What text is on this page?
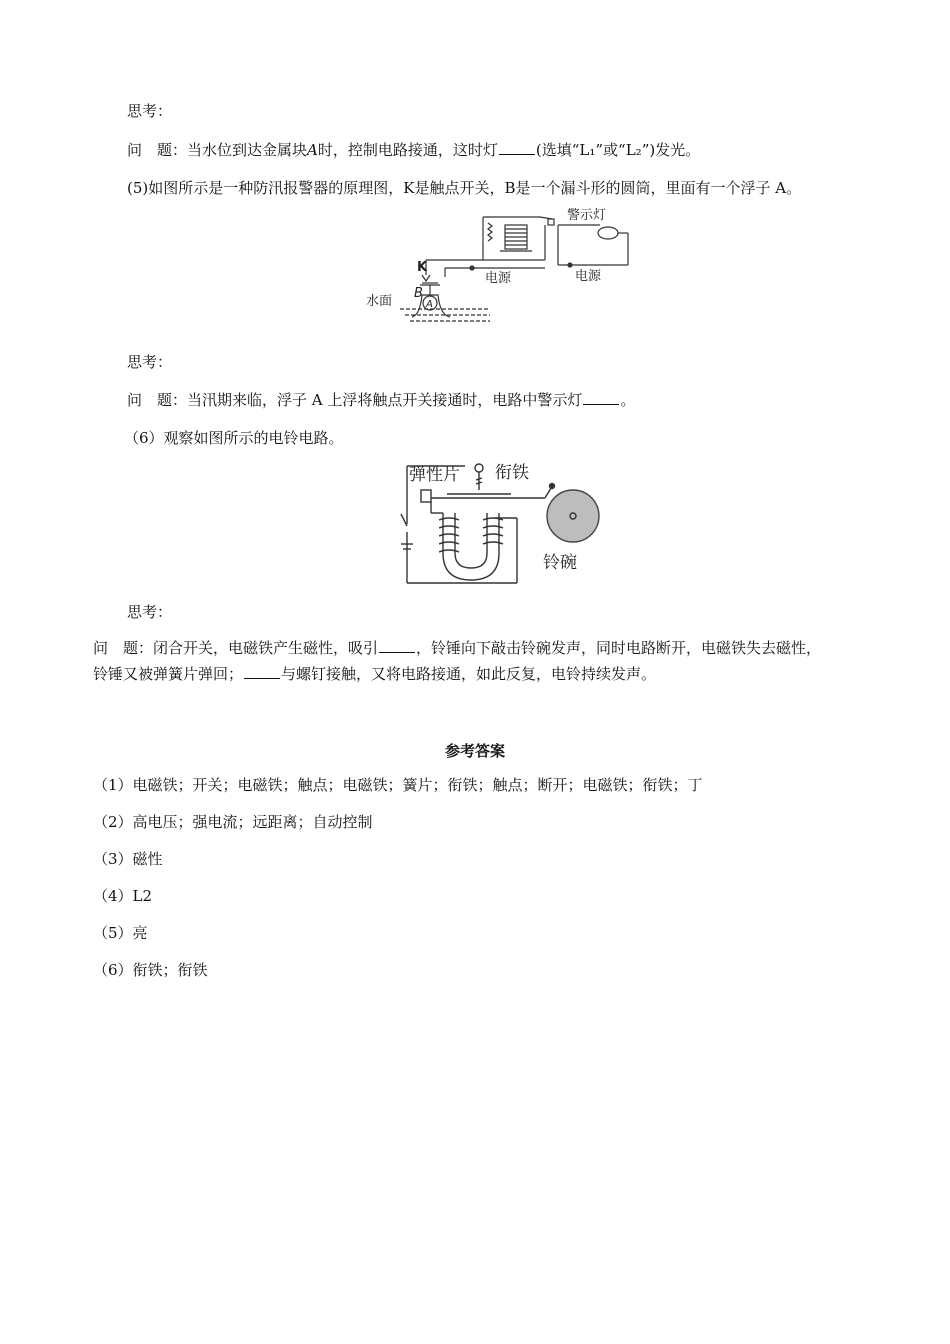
思考：
问　题：当水位到达金属块A时，控制电路接通，这时灯	(选填“L₁”或“L₂”)发光。
(5)如图所示是一种防汛报警器的原理图，K是触点开关，B是一个漏斗形的圆筒，里面有一个浮子 A。
警示灯
电源	电源
K
B
A
水面
思考：
问　题：当汛期来临，浮子 A 上浮将触点开关接通时，电路中警示灯	。
（6）观察如图所示的电铃电路。
弹性片 衔铁
铃碗
思考：
问　题：闭合开关，电磁铁产生磁性，吸引	，铃锤向下敲击铃碗发声，同时电路断开，电磁铁失去磁性，
铃锤又被弹簧片弹回；	与螺钉接触，又将电路接通，如此反复，电铃持续发声。
参考答案
（1）电磁铁；开关；电磁铁；触点；电磁铁；簧片；衔铁；触点；断开；电磁铁；衔铁；丁
（2）高电压；强电流；远距离；自动控制
（3）磁性
（4）L2
（5）亮
（6）衔铁；衔铁
